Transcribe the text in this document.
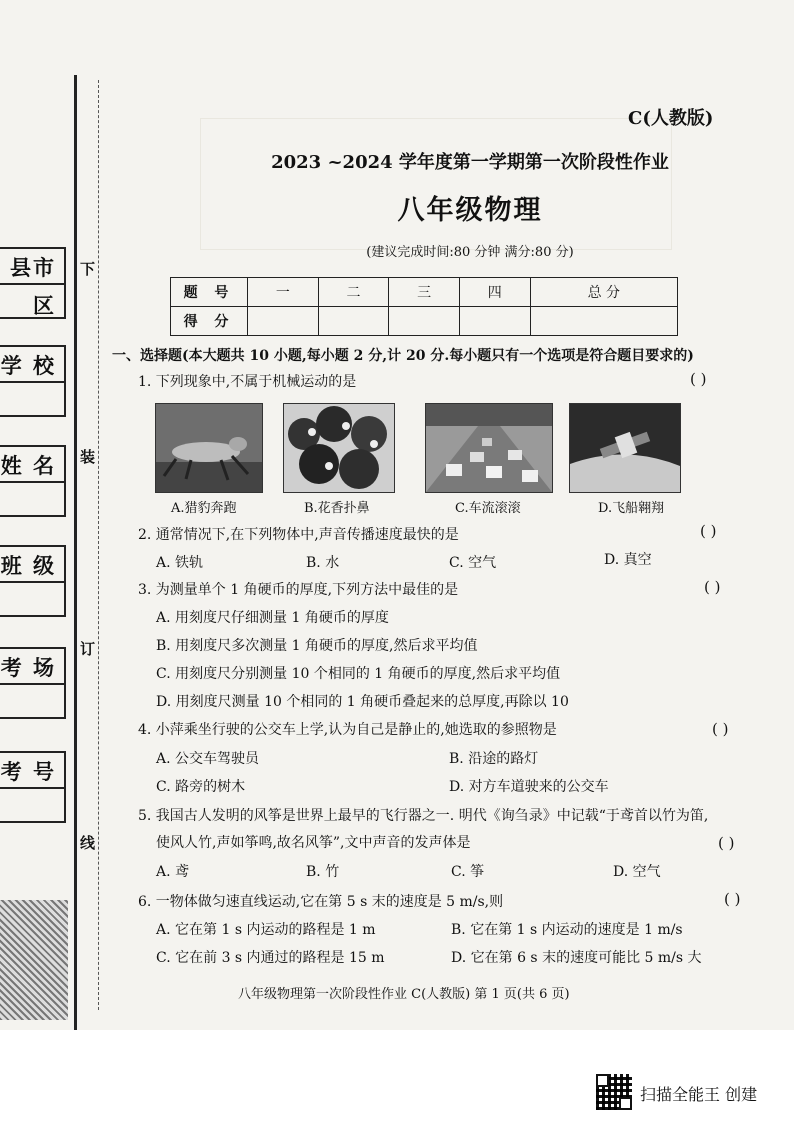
县市区
学 校
姓 名
班 级
考 场
考 号
下
装
订
线
C(人教版)
2023 ~2024 学年度第一学期第一次阶段性作业
八年级物理
(建议完成时间:80 分钟 满分:80 分)
题 号	一	二	三	四	总 分
得 分					
一、选择题(本大题共 10 小题,每小题 2 分,计 20 分.每小题只有一个选项是符合题目要求的)
1. 下列现象中,不属于机械运动的是	( )
A.猎豹奔跑	B.花香扑鼻	C.车流滚滚	D.飞船翱翔
2. 通常情况下,在下列物体中,声音传播速度最快的是	( )
A. 铁轨	B. 水	C. 空气	D. 真空
3. 为测量单个 1 角硬币的厚度,下列方法中最佳的是	( )
A. 用刻度尺仔细测量 1 角硬币的厚度
B. 用刻度尺多次测量 1 角硬币的厚度,然后求平均值
C. 用刻度尺分别测量 10 个相同的 1 角硬币的厚度,然后求平均值
D. 用刻度尺测量 10 个相同的 1 角硬币叠起来的总厚度,再除以 10
4. 小萍乘坐行驶的公交车上学,认为自己是静止的,她选取的参照物是	( )
A. 公交车驾驶员	B. 沿途的路灯
C. 路旁的树木	D. 对方车道驶来的公交车
5. 我国古人发明的风筝是世界上最早的飞行器之一. 明代《询刍录》中记载“于鸢首以竹为笛,
使风人竹,声如筝鸣,故名风筝”,文中声音的发声体是	( )
A. 鸢	B. 竹	C. 筝	D. 空气
6. 一物体做匀速直线运动,它在第 5 s 末的速度是 5 m/s,则	( )
A. 它在第 1 s 内运动的路程是 1 m	B. 它在第 1 s 内运动的速度是 1 m/s
C. 它在前 3 s 内通过的路程是 15 m	D. 它在第 6 s 末的速度可能比 5 m/s 大
八年级物理第一次阶段性作业 C(人教版) 第 1 页(共 6 页)
扫描全能王 创建
